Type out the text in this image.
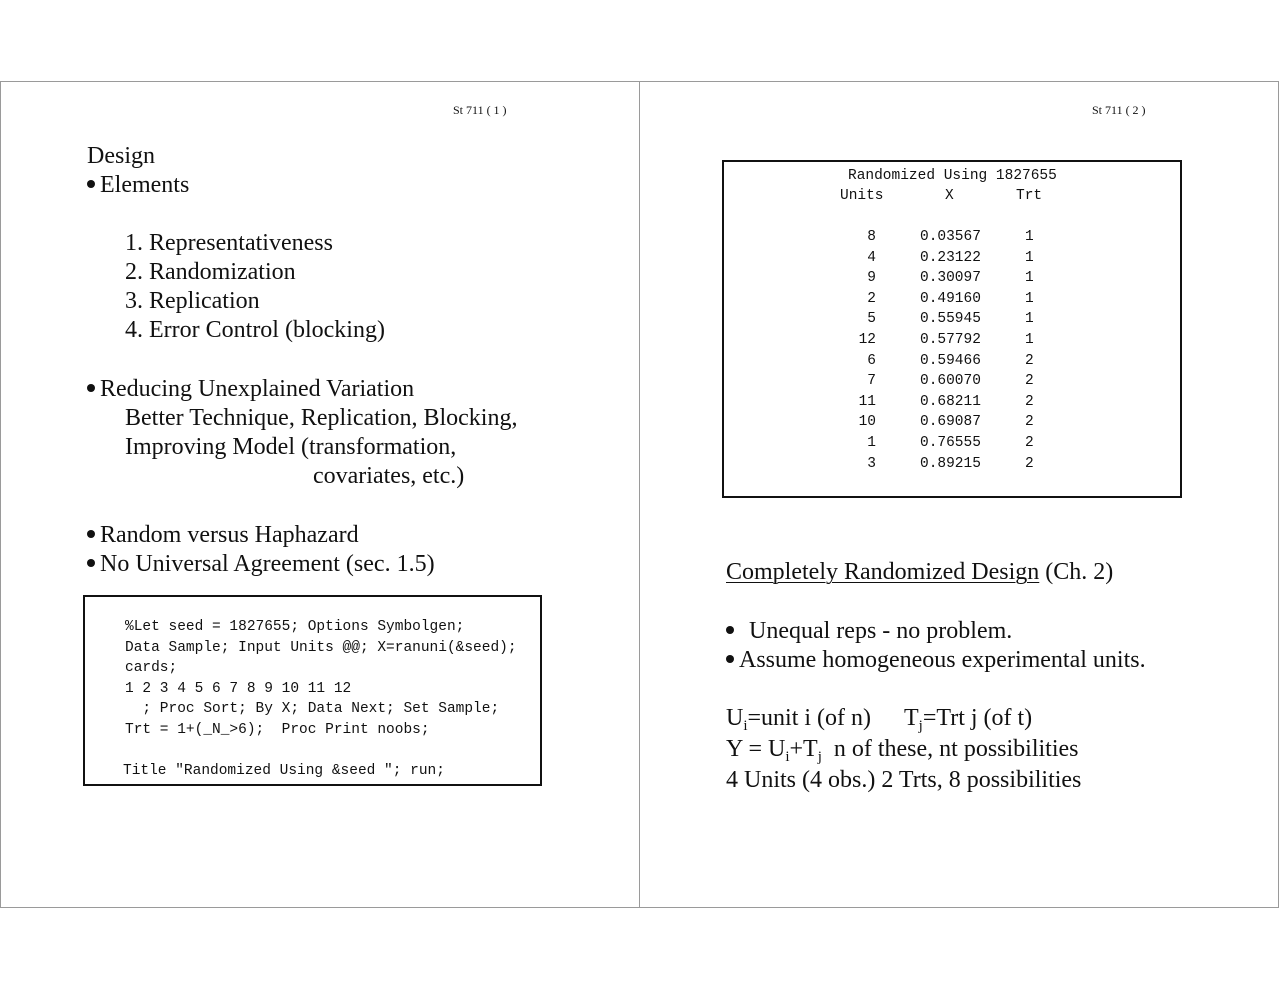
St 711 ( 1 )
Design
Elements
1. Representativeness
2. Randomization
3. Replication
4. Error Control (blocking)
Reducing Unexplained Variation
Better Technique, Replication, Blocking,
Improving Model (transformation,
covariates, etc.)
Random versus Haphazard
No Universal Agreement (sec. 1.5)
%Let seed = 1827655; Options Symbolgen;
Data Sample; Input Units @@; X=ranuni(&seed);
cards;
1 2 3 4 5 6 7 8 9 10 11 12
; Proc Sort; By X; Data Next; Set Sample;
Trt = 1+(_N_>6);  Proc Print noobs;
Title "Randomized Using &seed "; run;
St 711 ( 2 )
Randomized Using 1827655
Units	X	Trt
8	0.03567	1
4	0.23122	1
9	0.30097	1
2	0.49160	1
5	0.55945	1
12	0.57792	1
6	0.59466	2
7	0.60070	2
11	0.68211	2
10	0.69087	2
1	0.76555	2
3	0.89215	2
Completely Randomized Design (Ch. 2)
Unequal reps - no problem.
Assume homogeneous experimental units.
$U_i=unit$ i (of n) $T_j=Trt$ j (of t)
$Y = U_i+T_j$  n of these, nt possibilities
4 Units (4 obs.) 2 Trts, 8 possibilities
